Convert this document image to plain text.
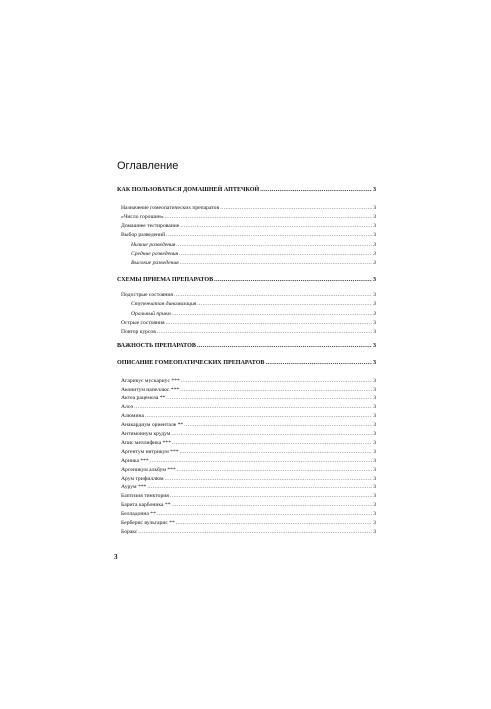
Оглавление
КАК ПОЛЬЗОВАТЬСЯ ДОМАШНЕЙ АПТЕЧКОЙ .....	3
Назначение гомеопатических препаратов .....	3
«Число горошин» .....	3
Домашнее тестирование .....	3
Выбор разведений .....	3
Низкие разведения .....	3
Средние разведения .....	3
Высокие разведения .....	3
СХЕМЫ ПРИЕМА ПРЕПАРАТОВ .....	3
Подострые состояния .....	3
Ступенчатая динамизация .....	3
Оральный прием .....	3
Острые состояния .....	3
Повтор курсов .....	3
ВАЖНОСТЬ ПРЕПАРАТОВ .....	3
ОПИСАНИЕ ГОМЕОПАТИЧЕСКИХ ПРЕПАРАТОВ .....	3
Агарикус мускариус *** .....	3
Аконитум напеллюс *** .....	3
Актеа рацемоза ** .....	3
Алоэ .....	3
Алюмина .....	3
Анакардиум ориентале ** .....	3
Антимониум крудум .....	3
Апис меллифика *** .....	3
Аргентум нитрикум *** .....	3
Арника *** .....	3
Арсеникум альбум *** .....	3
Арум трифиллюм .....	3
Аурум *** .....	3
Баптизия тинктория .....	3
Барита карбоника ** .....	3
Белладонна ** .....	3
Берберис вульгарис ** .....	3
Боракс .....	3
3
